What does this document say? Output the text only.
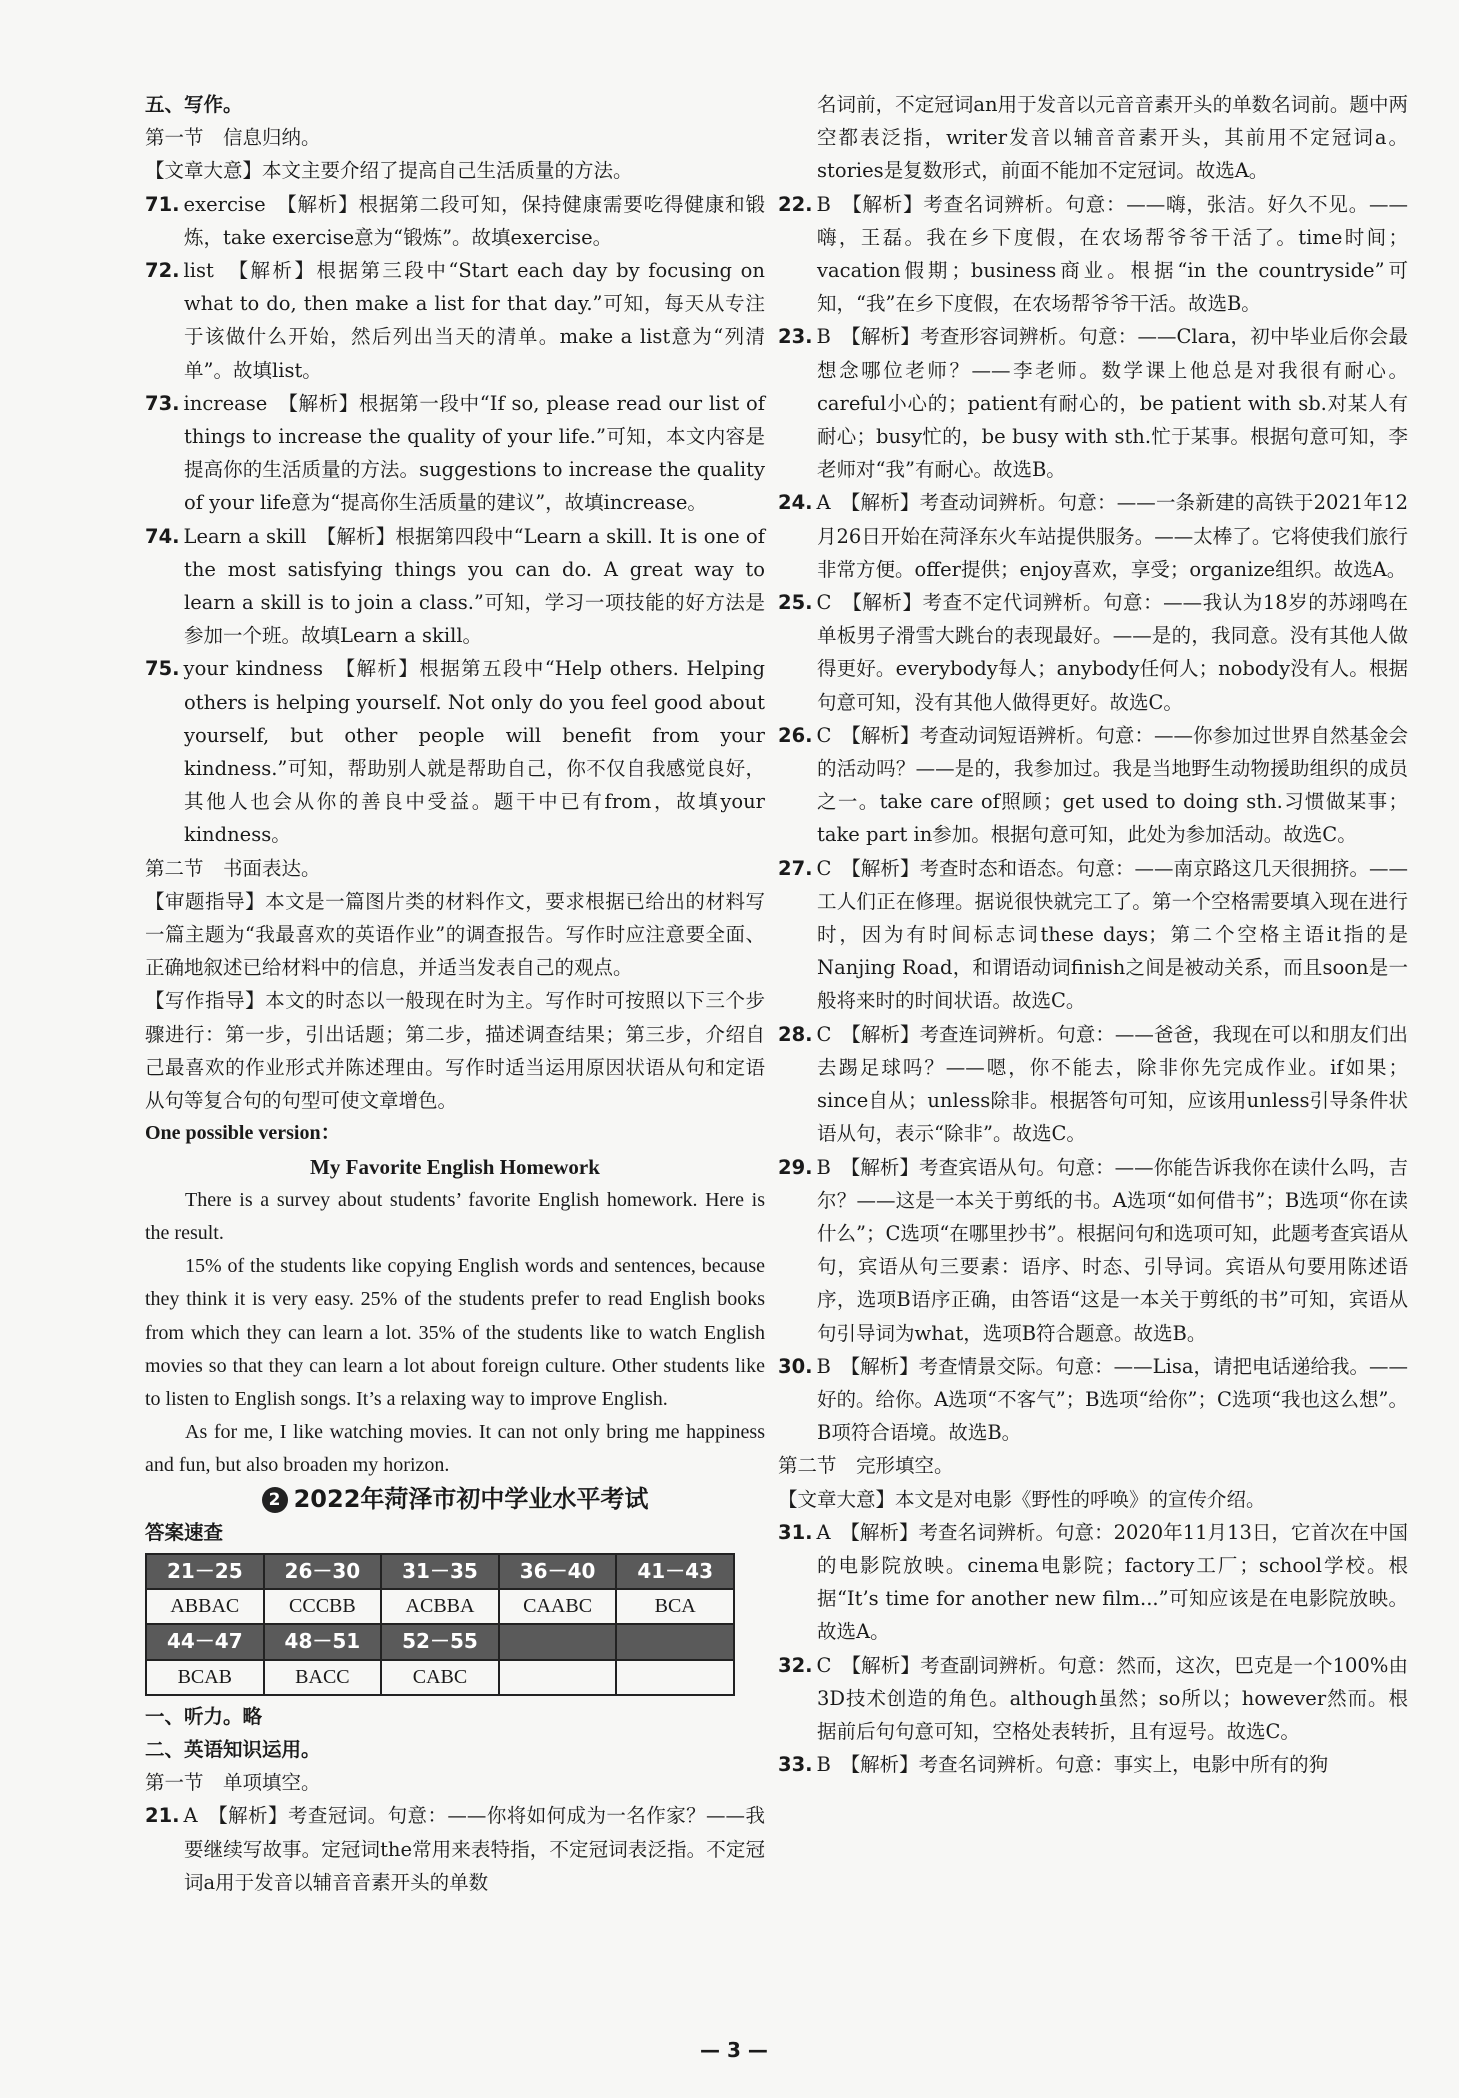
五、写作。
第一节　信息归纳。
【文章大意】本文主要介绍了提高自己生活质量的方法。
71. exercise　【解析】根据第二段可知，保持健康需要吃得健康和锻炼，take exercise意为“锻炼”。故填exercise。
72. list　【解析】根据第三段中“Start each day by focusing on what to do, then make a list for that day.”可知，每天从专注于该做什么开始，然后列出当天的清单。make a list意为“列清单”。故填list。
73. increase　【解析】根据第一段中“If so, please read our list of things to increase the quality of your life.”可知，本文内容是提高你的生活质量的方法。suggestions to increase the quality of your life意为“提高你生活质量的建议”，故填increase。
74. Learn a skill　【解析】根据第四段中“Learn a skill. It is one of the most satisfying things you can do. A great way to learn a skill is to join a class.”可知，学习一项技能的好方法是参加一个班。故填Learn a skill。
75. your kindness　【解析】根据第五段中“Help others. Helping others is helping yourself. Not only do you feel good about yourself, but other people will benefit from your kindness.”可知，帮助别人就是帮助自己，你不仅自我感觉良好，其他人也会从你的善良中受益。题干中已有from，故填your kindness。
第二节　书面表达。
【审题指导】本文是一篇图片类的材料作文，要求根据已给出的材料写一篇主题为“我最喜欢的英语作业”的调查报告。写作时应注意要全面、正确地叙述已给材料中的信息，并适当发表自己的观点。
【写作指导】本文的时态以一般现在时为主。写作时可按照以下三个步骤进行：第一步，引出话题；第二步，描述调查结果；第三步，介绍自己最喜欢的作业形式并陈述理由。写作时适当运用原因状语从句和定语从句等复合句的句型可使文章增色。
One possible version：
My Favorite English Homework
There is a survey about students’ favorite English homework. Here is the result.
15% of the students like copying English words and sentences, because they think it is very easy. 25% of the students prefer to read English books from which they can learn a lot. 35% of the students like to watch English movies so that they can learn a lot about foreign culture. Other students like to listen to English songs. It’s a relaxing way to improve English.
As for me, I like watching movies. It can not only bring me happiness and fun, but also broaden my horizon.
2 2022年菏泽市初中学业水平考试
答案速查
21－25	26－30	31－35	36－40	41－43
ABBAC	CCCBB	ACBBA	CAABC	BCA
44－47	48－51	52－55		
BCAB	BACC	CABC		
一、听力。略
二、英语知识运用。
第一节　单项填空。
21. A　【解析】考查冠词。句意：——你将如何成为一名作家？——我要继续写故事。定冠词the常用来表特指，不定冠词表泛指。不定冠词a用于发音以辅音音素开头的单数
名词前，不定冠词an用于发音以元音音素开头的单数名词前。题中两空都表泛指，writer发音以辅音音素开头，其前用不定冠词a。stories是复数形式，前面不能加不定冠词。故选A。
22. B　【解析】考查名词辨析。句意：——嗨，张洁。好久不见。——嗨，王磊。我在乡下度假，在农场帮爷爷干活了。time时间；vacation假期；business商业。根据“in the countryside”可知，“我”在乡下度假，在农场帮爷爷干活。故选B。
23. B　【解析】考查形容词辨析。句意：——Clara，初中毕业后你会最想念哪位老师？——李老师。数学课上他总是对我很有耐心。careful小心的；patient有耐心的，be patient with sb.对某人有耐心；busy忙的，be busy with sth.忙于某事。根据句意可知，李老师对“我”有耐心。故选B。
24. A　【解析】考查动词辨析。句意：——一条新建的高铁于2021年12月26日开始在菏泽东火车站提供服务。——太棒了。它将使我们旅行非常方便。offer提供；enjoy喜欢，享受；organize组织。故选A。
25. C　【解析】考查不定代词辨析。句意：——我认为18岁的苏翊鸣在单板男子滑雪大跳台的表现最好。——是的，我同意。没有其他人做得更好。everybody每人；anybody任何人；nobody没有人。根据句意可知，没有其他人做得更好。故选C。
26. C　【解析】考查动词短语辨析。句意：——你参加过世界自然基金会的活动吗？——是的，我参加过。我是当地野生动物援助组织的成员之一。take care of照顾；get used to doing sth.习惯做某事；take part in参加。根据句意可知，此处为参加活动。故选C。
27. C　【解析】考查时态和语态。句意：——南京路这几天很拥挤。——工人们正在修理。据说很快就完工了。第一个空格需要填入现在进行时，因为有时间标志词these days；第二个空格主语it指的是Nanjing Road，和谓语动词finish之间是被动关系，而且soon是一般将来时的时间状语。故选C。
28. C　【解析】考查连词辨析。句意：——爸爸，我现在可以和朋友们出去踢足球吗？——嗯，你不能去，除非你先完成作业。if如果；since自从；unless除非。根据答句可知，应该用unless引导条件状语从句，表示“除非”。故选C。
29. B　【解析】考查宾语从句。句意：——你能告诉我你在读什么吗，吉尔？——这是一本关于剪纸的书。A选项“如何借书”；B选项“你在读什么”；C选项“在哪里抄书”。根据问句和选项可知，此题考查宾语从句，宾语从句三要素：语序、时态、引导词。宾语从句要用陈述语序，选项B语序正确，由答语“这是一本关于剪纸的书”可知，宾语从句引导词为what，选项B符合题意。故选B。
30. B　【解析】考查情景交际。句意：——Lisa，请把电话递给我。——好的。给你。A选项“不客气”；B选项“给你”；C选项“我也这么想”。B项符合语境。故选B。
第二节　完形填空。
【文章大意】本文是对电影《野性的呼唤》的宣传介绍。
31. A　【解析】考查名词辨析。句意：2020年11月13日，它首次在中国的电影院放映。cinema电影院；factory工厂；school学校。根据“It’s time for another new film...”可知应该是在电影院放映。故选A。
32. C　【解析】考查副词辨析。句意：然而，这次，巴克是一个100%由3D技术创造的角色。although虽然；so所以；however然而。根据前后句句意可知，空格处表转折，且有逗号。故选C。
33. B　【解析】考查名词辨析。句意：事实上，电影中所有的狗
— 3 —
